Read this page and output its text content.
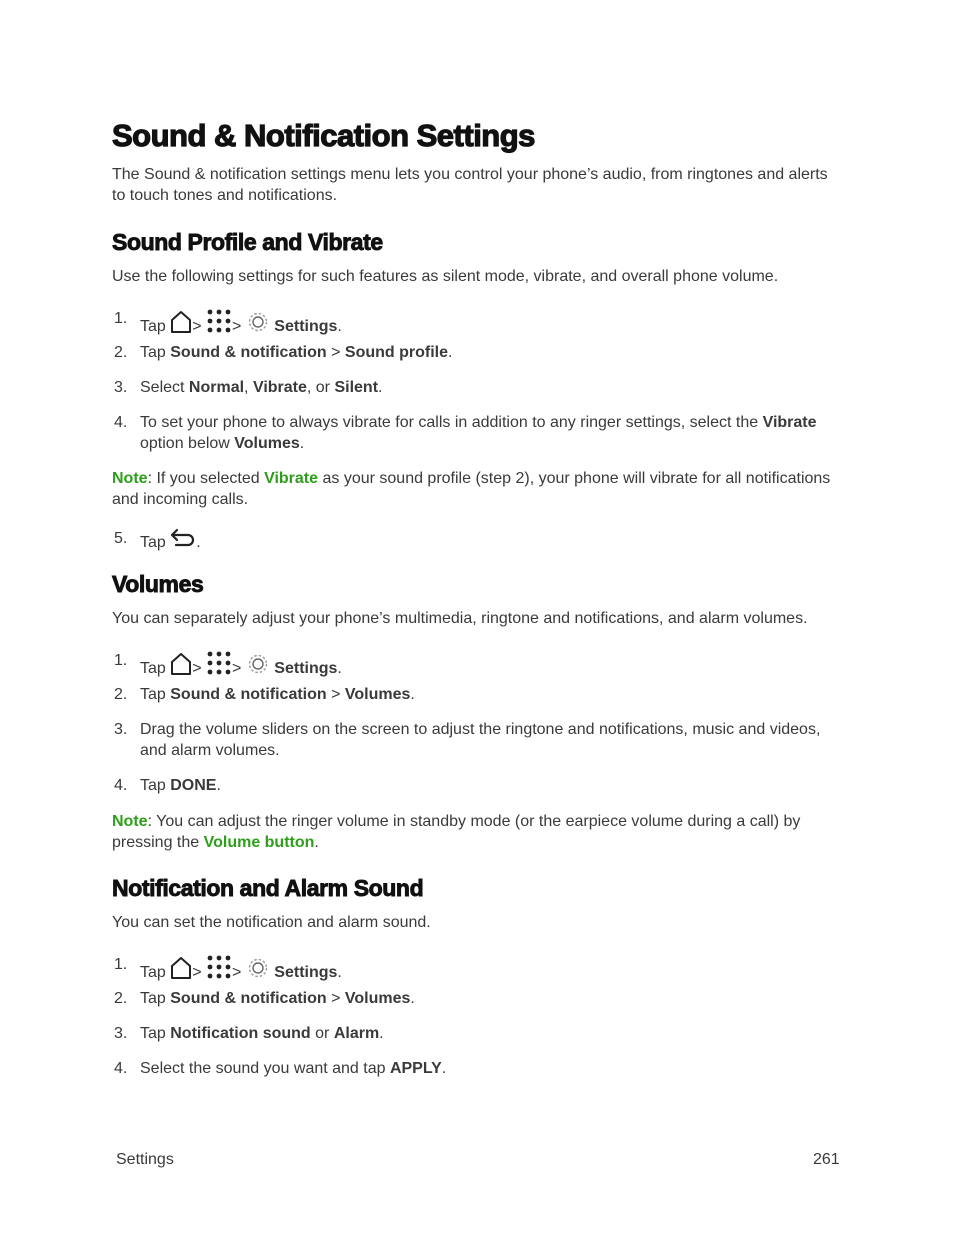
Sound & Notification Settings

The Sound & notification settings menu lets you control your phone’s audio, from ringtones and alerts to touch tones and notifications.

Sound Profile and Vibrate

Use the following settings for such features as silent mode, vibrate, and overall phone volume.

1. Tap > > Settings.
2. Tap Sound & notification > Sound profile.
3. Select Normal, Vibrate, or Silent.
4. To set your phone to always vibrate for calls in addition to any ringer settings, select the Vibrate option below Volumes.

Note: If you selected Vibrate as your sound profile (step 2), your phone will vibrate for all notifications and incoming calls.

5. Tap .
Volumes

You can separately adjust your phone’s multimedia, ringtone and notifications, and alarm volumes.

1. Tap > > Settings.
2. Tap Sound & notification > Volumes.
3. Drag the volume sliders on the screen to adjust the ringtone and notifications, music and videos, and alarm volumes.
4. Tap DONE.

Note: You can adjust the ringer volume in standby mode (or the earpiece volume during a call) by pressing the Volume button.

Notification and Alarm Sound

You can set the notification and alarm sound.

1. Tap > > Settings.
2. Tap Sound & notification > Volumes.
3. Tap Notification sound or Alarm.
4. Select the sound you want and tap APPLY.
Settings	261
